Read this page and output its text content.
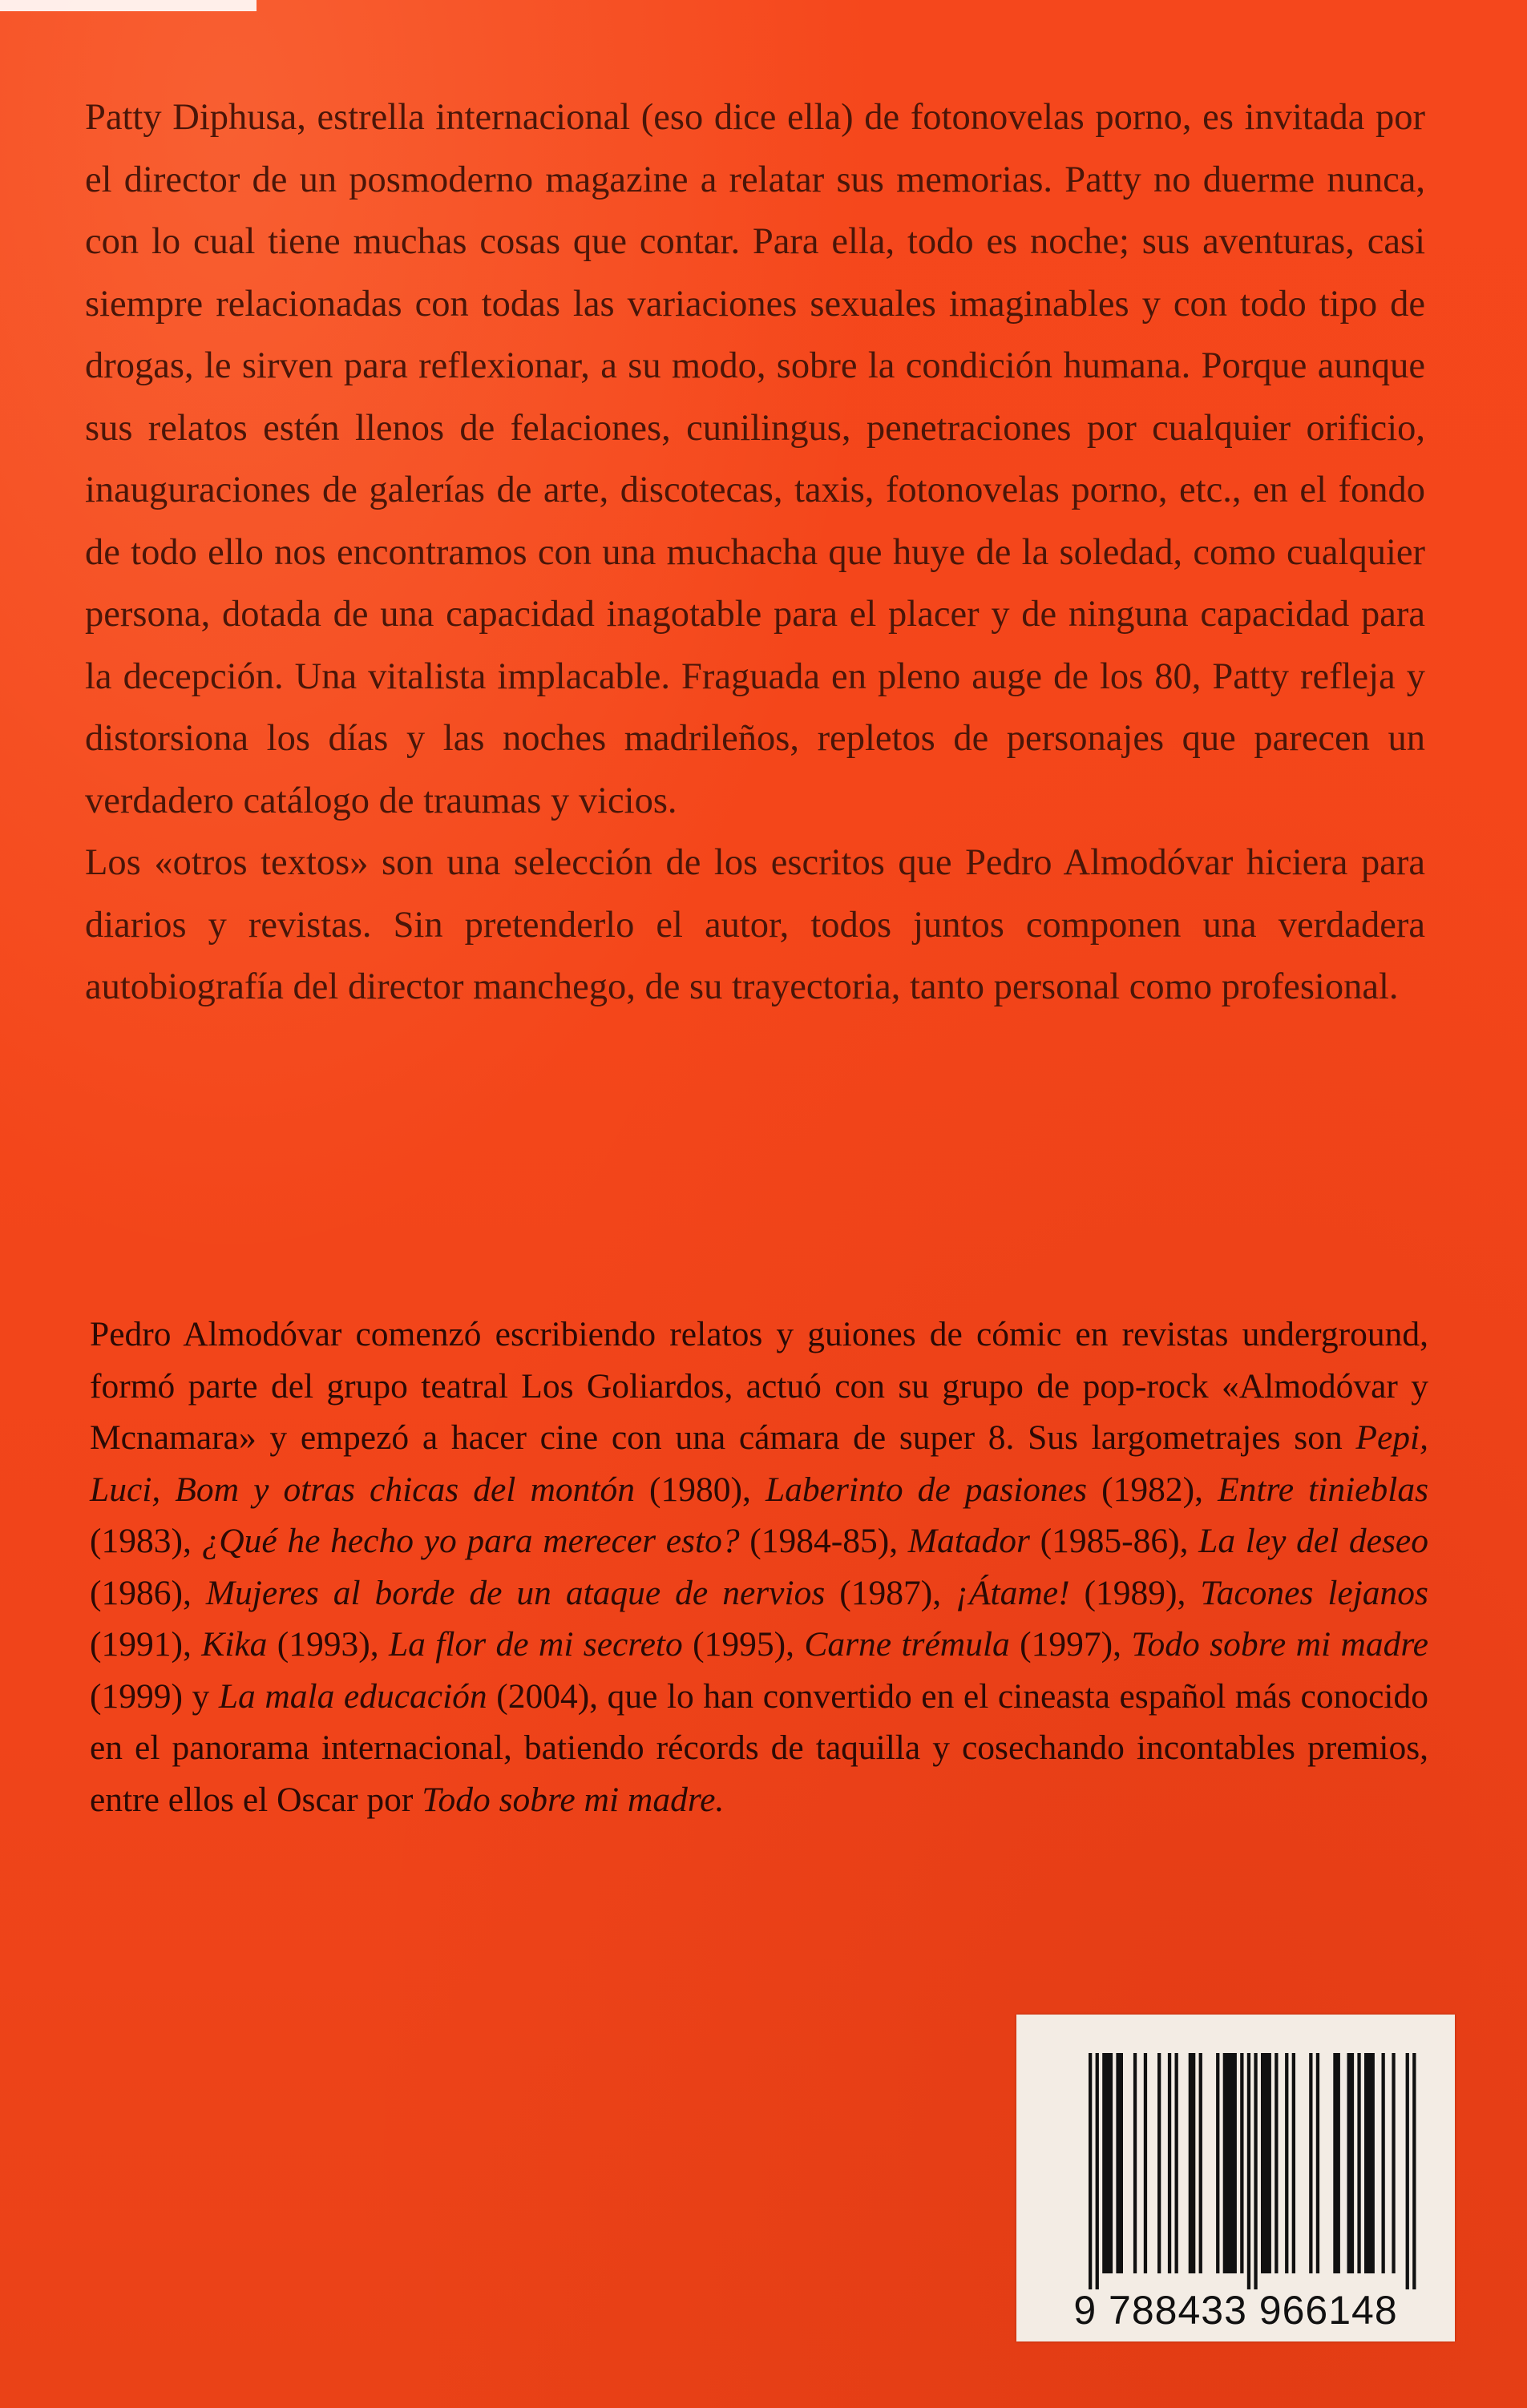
Patty Diphusa, estrella internacional (eso dice ella) de fotonovelas porno, es invitada por el director de un posmoderno magazine a relatar sus memorias. Patty no duerme nunca, con lo cual tiene muchas cosas que contar. Para ella, todo es noche; sus aventuras, casi siempre relacionadas con todas las variaciones sexuales imaginables y con todo tipo de drogas, le sirven para reflexionar, a su modo, sobre la condición humana. Porque aunque sus relatos estén llenos de felaciones, cunilingus, penetraciones por cualquier orificio, inauguraciones de galerías de arte, discotecas, taxis, fotonovelas porno, etc., en el fondo de todo ello nos encontramos con una muchacha que huye de la soledad, como cualquier persona, dotada de una capacidad inagotable para el placer y de ninguna capacidad para la decepción. Una vitalista implacable. Fraguada en pleno auge de los 80, Patty refleja y distorsiona los días y las noches madrileños, repletos de personajes que parecen un verdadero catálogo de traumas y vicios.

Los «otros textos» son una selección de los escritos que Pedro Almodóvar hiciera para diarios y revistas. Sin pretenderlo el autor, todos juntos componen una verdadera autobiografía del director manchego, de su trayectoria, tanto personal como profesional.

Pedro Almodóvar comenzó escribiendo relatos y guiones de cómic en revistas underground, formó parte del grupo teatral Los Goliardos, actuó con su grupo de pop-rock «Almodóvar y Mcnamara» y empezó a hacer cine con una cámara de super 8. Sus largometrajes son Pepi, Luci, Bom y otras chicas del montón (1980), Laberinto de pasiones (1982), Entre tinieblas (1983), ¿Qué he hecho yo para merecer esto? (1984-85), Matador (1985-86), La ley del deseo (1986), Mujeres al borde de un ataque de nervios (1987), ¡Átame! (1989), Tacones lejanos (1991), Kika (1993), La flor de mi secreto (1995), Carne trémula (1997), Todo sobre mi madre (1999) y La mala educación (2004), que lo han convertido en el cineasta español más conocido en el panorama internacional, batiendo récords de taquilla y cosechando incontables premios, entre ellos el Oscar por Todo sobre mi madre.

9 788433 966148
